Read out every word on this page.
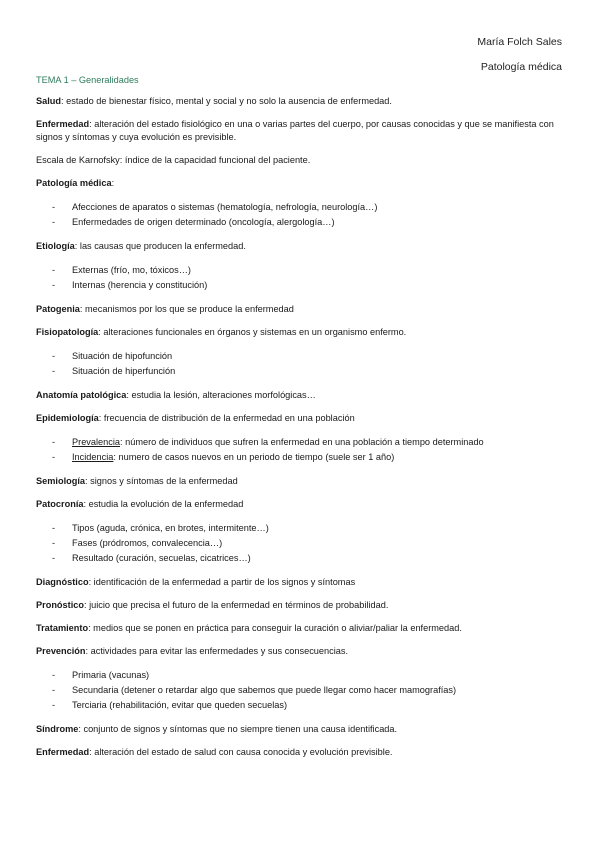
María Folch Sales
Patología médica
TEMA 1 – Generalidades

Salud: estado de bienestar físico, mental y social y no solo la ausencia de enfermedad.

Enfermedad: alteración del estado fisiológico en una o varias partes del cuerpo, por causas conocidas y que se manifiesta con signos y síntomas y cuya evolución es previsible.

Escala de Karnofsky: índice de la capacidad funcional del paciente.

Patología médica:

- Afecciones de aparatos o sistemas (hematología, nefrología, neurología…)
- Enfermedades de origen determinado (oncología, alergología…)

Etiología: las causas que producen la enfermedad.

- Externas (frío, mo, tóxicos…)
- Internas (herencia y constitución)

Patogenia: mecanismos por los que se produce la enfermedad

Fisiopatología: alteraciones funcionales en órganos y sistemas en un organismo enfermo.

- Situación de hipofunción
- Situación de hiperfunción

Anatomía patológica: estudia la lesión, alteraciones morfológicas…

Epidemiología: frecuencia de distribución de la enfermedad en una población

- Prevalencia: número de individuos que sufren la enfermedad en una población a tiempo determinado
- Incidencia: numero de casos nuevos en un periodo de tiempo (suele ser 1 año)

Semiología: signos y síntomas de la enfermedad

Patocronía: estudia la evolución de la enfermedad

- Tipos (aguda, crónica, en brotes, intermitente…)
- Fases (pródromos, convalecencia…)
- Resultado (curación, secuelas, cicatrices…)

Diagnóstico: identificación de la enfermedad a partir de los signos y síntomas

Pronóstico: juicio que precisa el futuro de la enfermedad en términos de probabilidad.

Tratamiento: medios que se ponen en práctica para conseguir la curación o aliviar/paliar la enfermedad.

Prevención: actividades para evitar las enfermedades y sus consecuencias.

- Primaria (vacunas)
- Secundaria (detener o retardar algo que sabemos que puede llegar como hacer mamografías)
- Terciaria (rehabilitación, evitar que queden secuelas)

Síndrome: conjunto de signos y síntomas que no siempre tienen una causa identificada.

Enfermedad: alteración del estado de salud con causa conocida y evolución previsible.
